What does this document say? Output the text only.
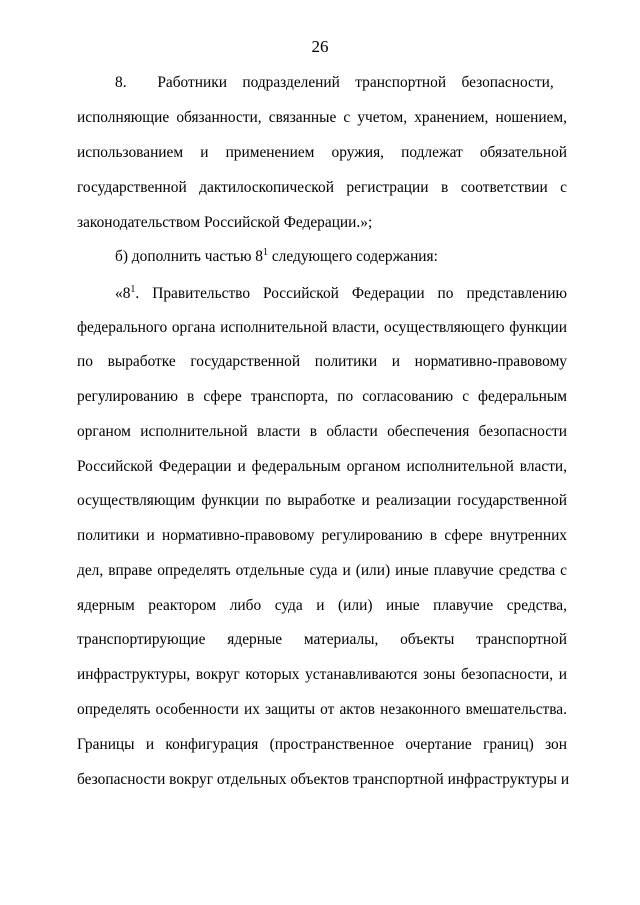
26
8.  Работники подразделений транспортной безопасности,
исполняющие обязанности, связанные с учетом, хранением, ношением,
использованием и применением оружия, подлежат обязательной
государственной дактилоскопической регистрации в соответствии с
законодательством Российской Федерации.»;
б) дополнить частью $8^1$ следующего содержания:
«$8^1$. Правительство Российской Федерации по представлению
федерального органа исполнительной власти, осуществляющего функции
по выработке государственной политики и нормативно-правовому
регулированию в сфере транспорта, по согласованию с федеральным
органом исполнительной власти в области обеспечения безопасности
Российской Федерации и федеральным органом исполнительной власти,
осуществляющим функции по выработке и реализации государственной
политики и нормативно-правовому регулированию в сфере внутренних
дел, вправе определять отдельные суда и (или) иные плавучие средства с
ядерным реактором либо суда и (или) иные плавучие средства,
транспортирующие ядерные материалы, объекты транспортной
инфраструктуры, вокруг которых устанавливаются зоны безопасности, и
определять особенности их защиты от актов незаконного вмешательства.
Границы и конфигурация (пространственное очертание границ) зон
безопасности вокруг отдельных объектов транспортной инфраструктуры и
